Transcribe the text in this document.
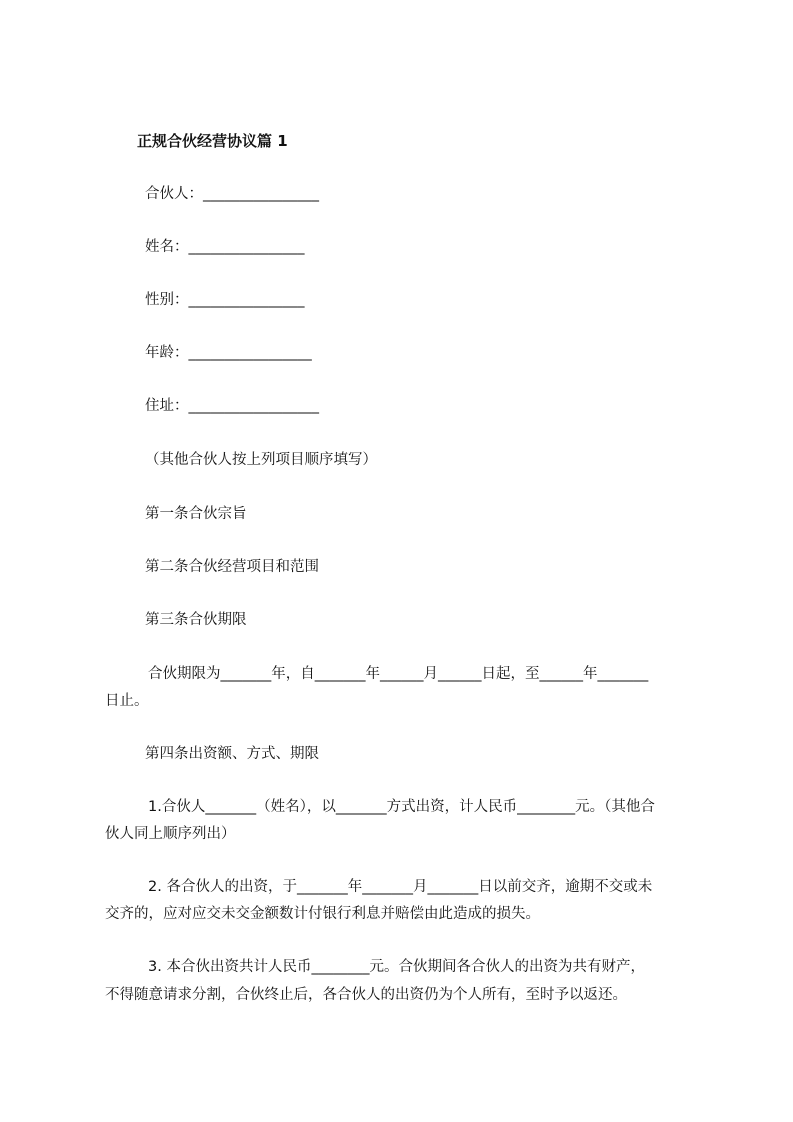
正规合伙经营协议篇 1
合伙人：________________
姓名：________________
性别：________________
年龄：_________________
住址：__________________
（其他合伙人按上列项目顺序填写）
第一条合伙宗旨
第二条合伙经营项目和范围
第三条合伙期限
合伙期限为_______年，自_______年______月______日起，至______年_______
日止。
第四条出资额、方式、期限
1.合伙人_______（姓名），以_______方式出资，计人民币________元。（其他合
伙人同上顺序列出）
2. 各合伙人的出资，于_______年_______月_______日以前交齐，逾期不交或未
交齐的，应对应交未交金额数计付银行利息并赔偿由此造成的损失。
3. 本合伙出资共计人民币________元。合伙期间各合伙人的出资为共有财产，
不得随意请求分割，合伙终止后，各合伙人的出资仍为个人所有，至时予以返还。
